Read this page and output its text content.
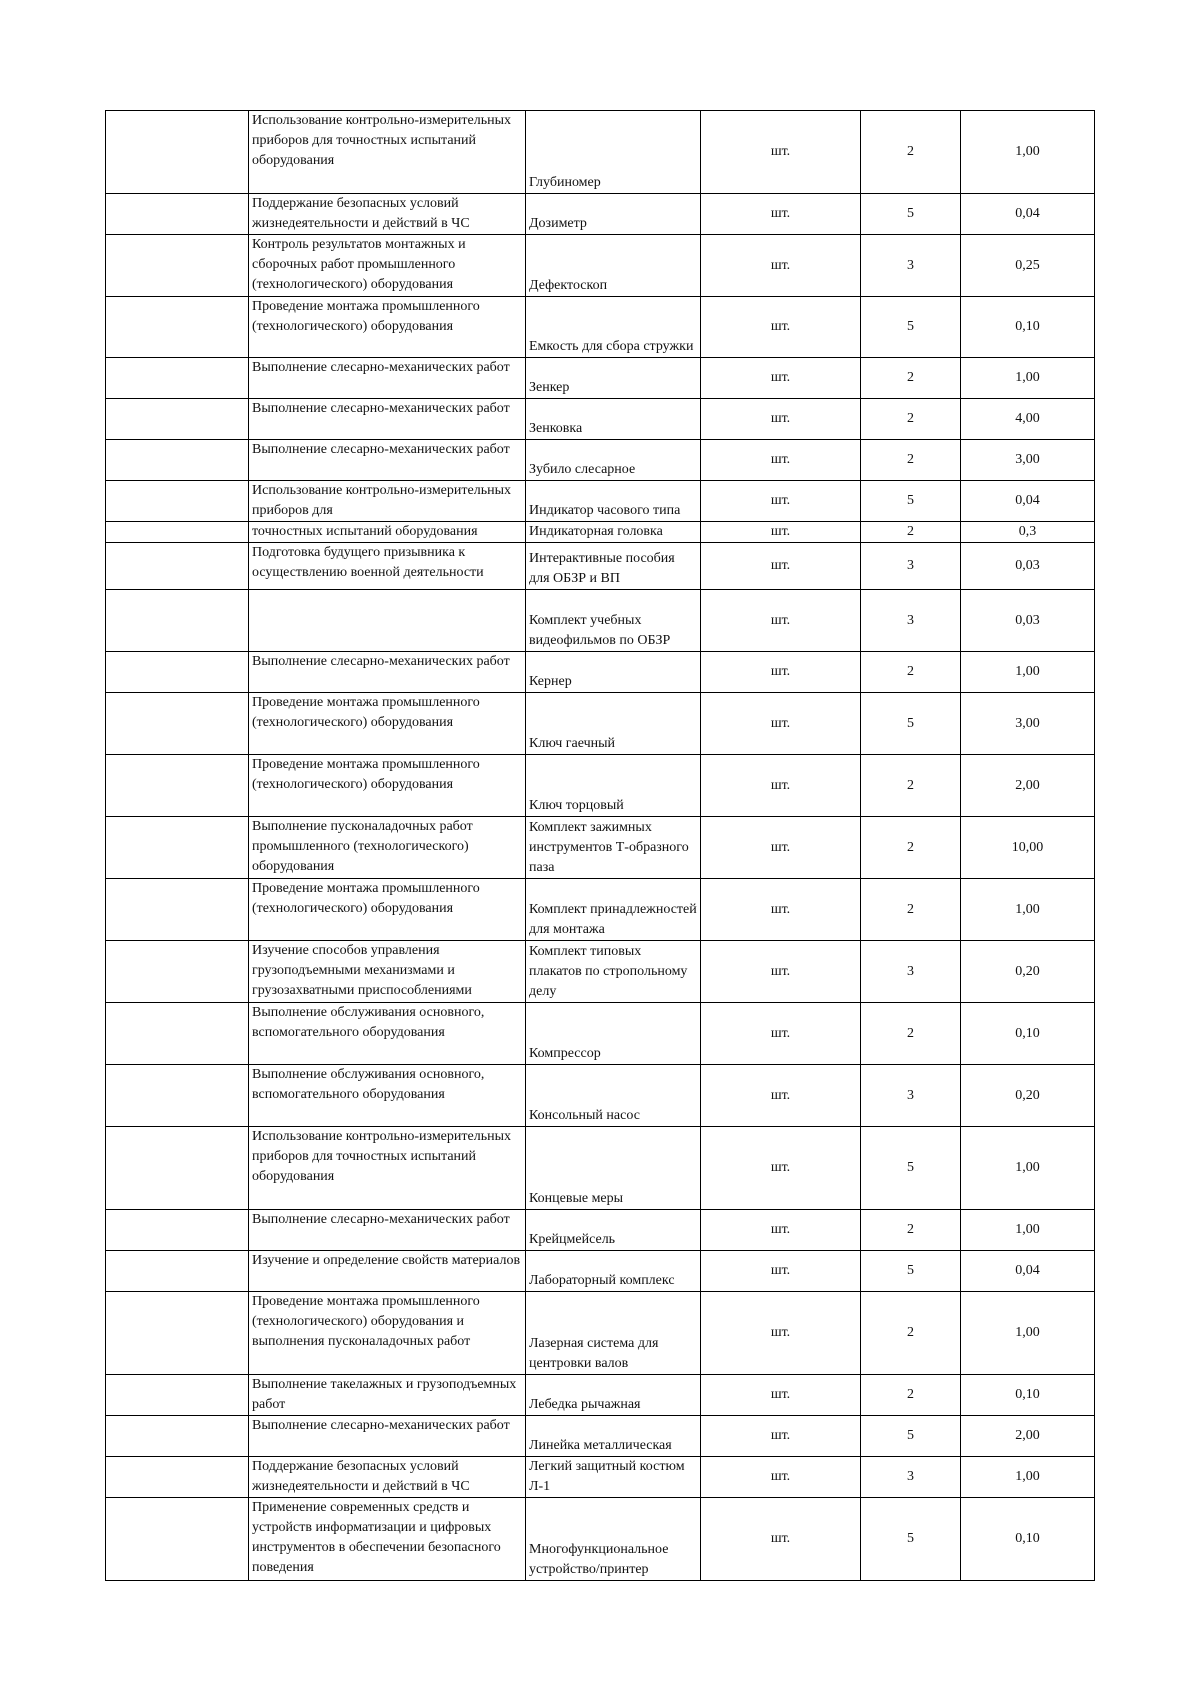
	Использование контрольно-измерительных приборов для точностных испытаний оборудования	Глубиномер	шт.	2	1,00
	Поддержание безопасных условий жизнедеятельности и действий в ЧС	Дозиметр	шт.	5	0,04
	Контроль результатов монтажных и сборочных работ промышленного (технологического) оборудования	Дефектоскоп	шт.	3	0,25
	Проведение монтажа промышленного (технологического) оборудования	Емкость для сбора стружки	шт.	5	0,10
	Выполнение слесарно-механических работ	Зенкер	шт.	2	1,00
	Выполнение слесарно-механических работ	Зенковка	шт.	2	4,00
	Выполнение слесарно-механических работ	Зубило слесарное	шт.	2	3,00
	Использование контрольно-измерительных приборов для	Индикатор часового типа	шт.	5	0,04
	точностных испытаний оборудования	Индикаторная головка	шт.	2	0,3
	Подготовка будущего призывника к осуществлению военной деятельности	Интерактивные пособия для ОБЗР и ВП	шт.	3	0,03
		Комплект учебных видеофильмов по ОБЗР	шт.	3	0,03
	Выполнение слесарно-механических работ	Кернер	шт.	2	1,00
	Проведение монтажа промышленного (технологического) оборудования	Ключ гаечный	шт.	5	3,00
	Проведение монтажа промышленного (технологического) оборудования	Ключ торцовый	шт.	2	2,00
	Выполнение пусконаладочных работ промышленного (технологического) оборудования	Комплект зажимных инструментов Т-образного паза	шт.	2	10,00
	Проведение монтажа промышленного (технологического) оборудования	Комплект принадлежностей для монтажа	шт.	2	1,00
	Изучение способов управления грузоподъемными механизмами и грузозахватными приспособлениями	Комплект типовых плакатов по стропольному делу	шт.	3	0,20
	Выполнение обслуживания основного, вспомогательного оборудования	Компрессор	шт.	2	0,10
	Выполнение обслуживания основного, вспомогательного оборудования	Консольный насос	шт.	3	0,20
	Использование контрольно-измерительных приборов для точностных испытаний оборудования	Концевые меры	шт.	5	1,00
	Выполнение слесарно-механических работ	Крейцмейсель	шт.	2	1,00
	Изучение и определение свойств материалов	Лабораторный комплекс	шт.	5	0,04
	Проведение монтажа промышленного (технологического) оборудования и выполнения пусконаладочных работ	Лазерная система для центровки валов	шт.	2	1,00
	Выполнение такелажных и грузоподъемных работ	Лебедка рычажная	шт.	2	0,10
	Выполнение слесарно-механических работ	Линейка металлическая	шт.	5	2,00
	Поддержание безопасных условий жизнедеятельности и действий в ЧС	Легкий защитный костюм Л-1	шт.	3	1,00
	Применение современных средств и устройств информатизации и цифровых инструментов в обеспечении безопасного поведения	Многофункциональное устройство/принтер	шт.	5	0,10
